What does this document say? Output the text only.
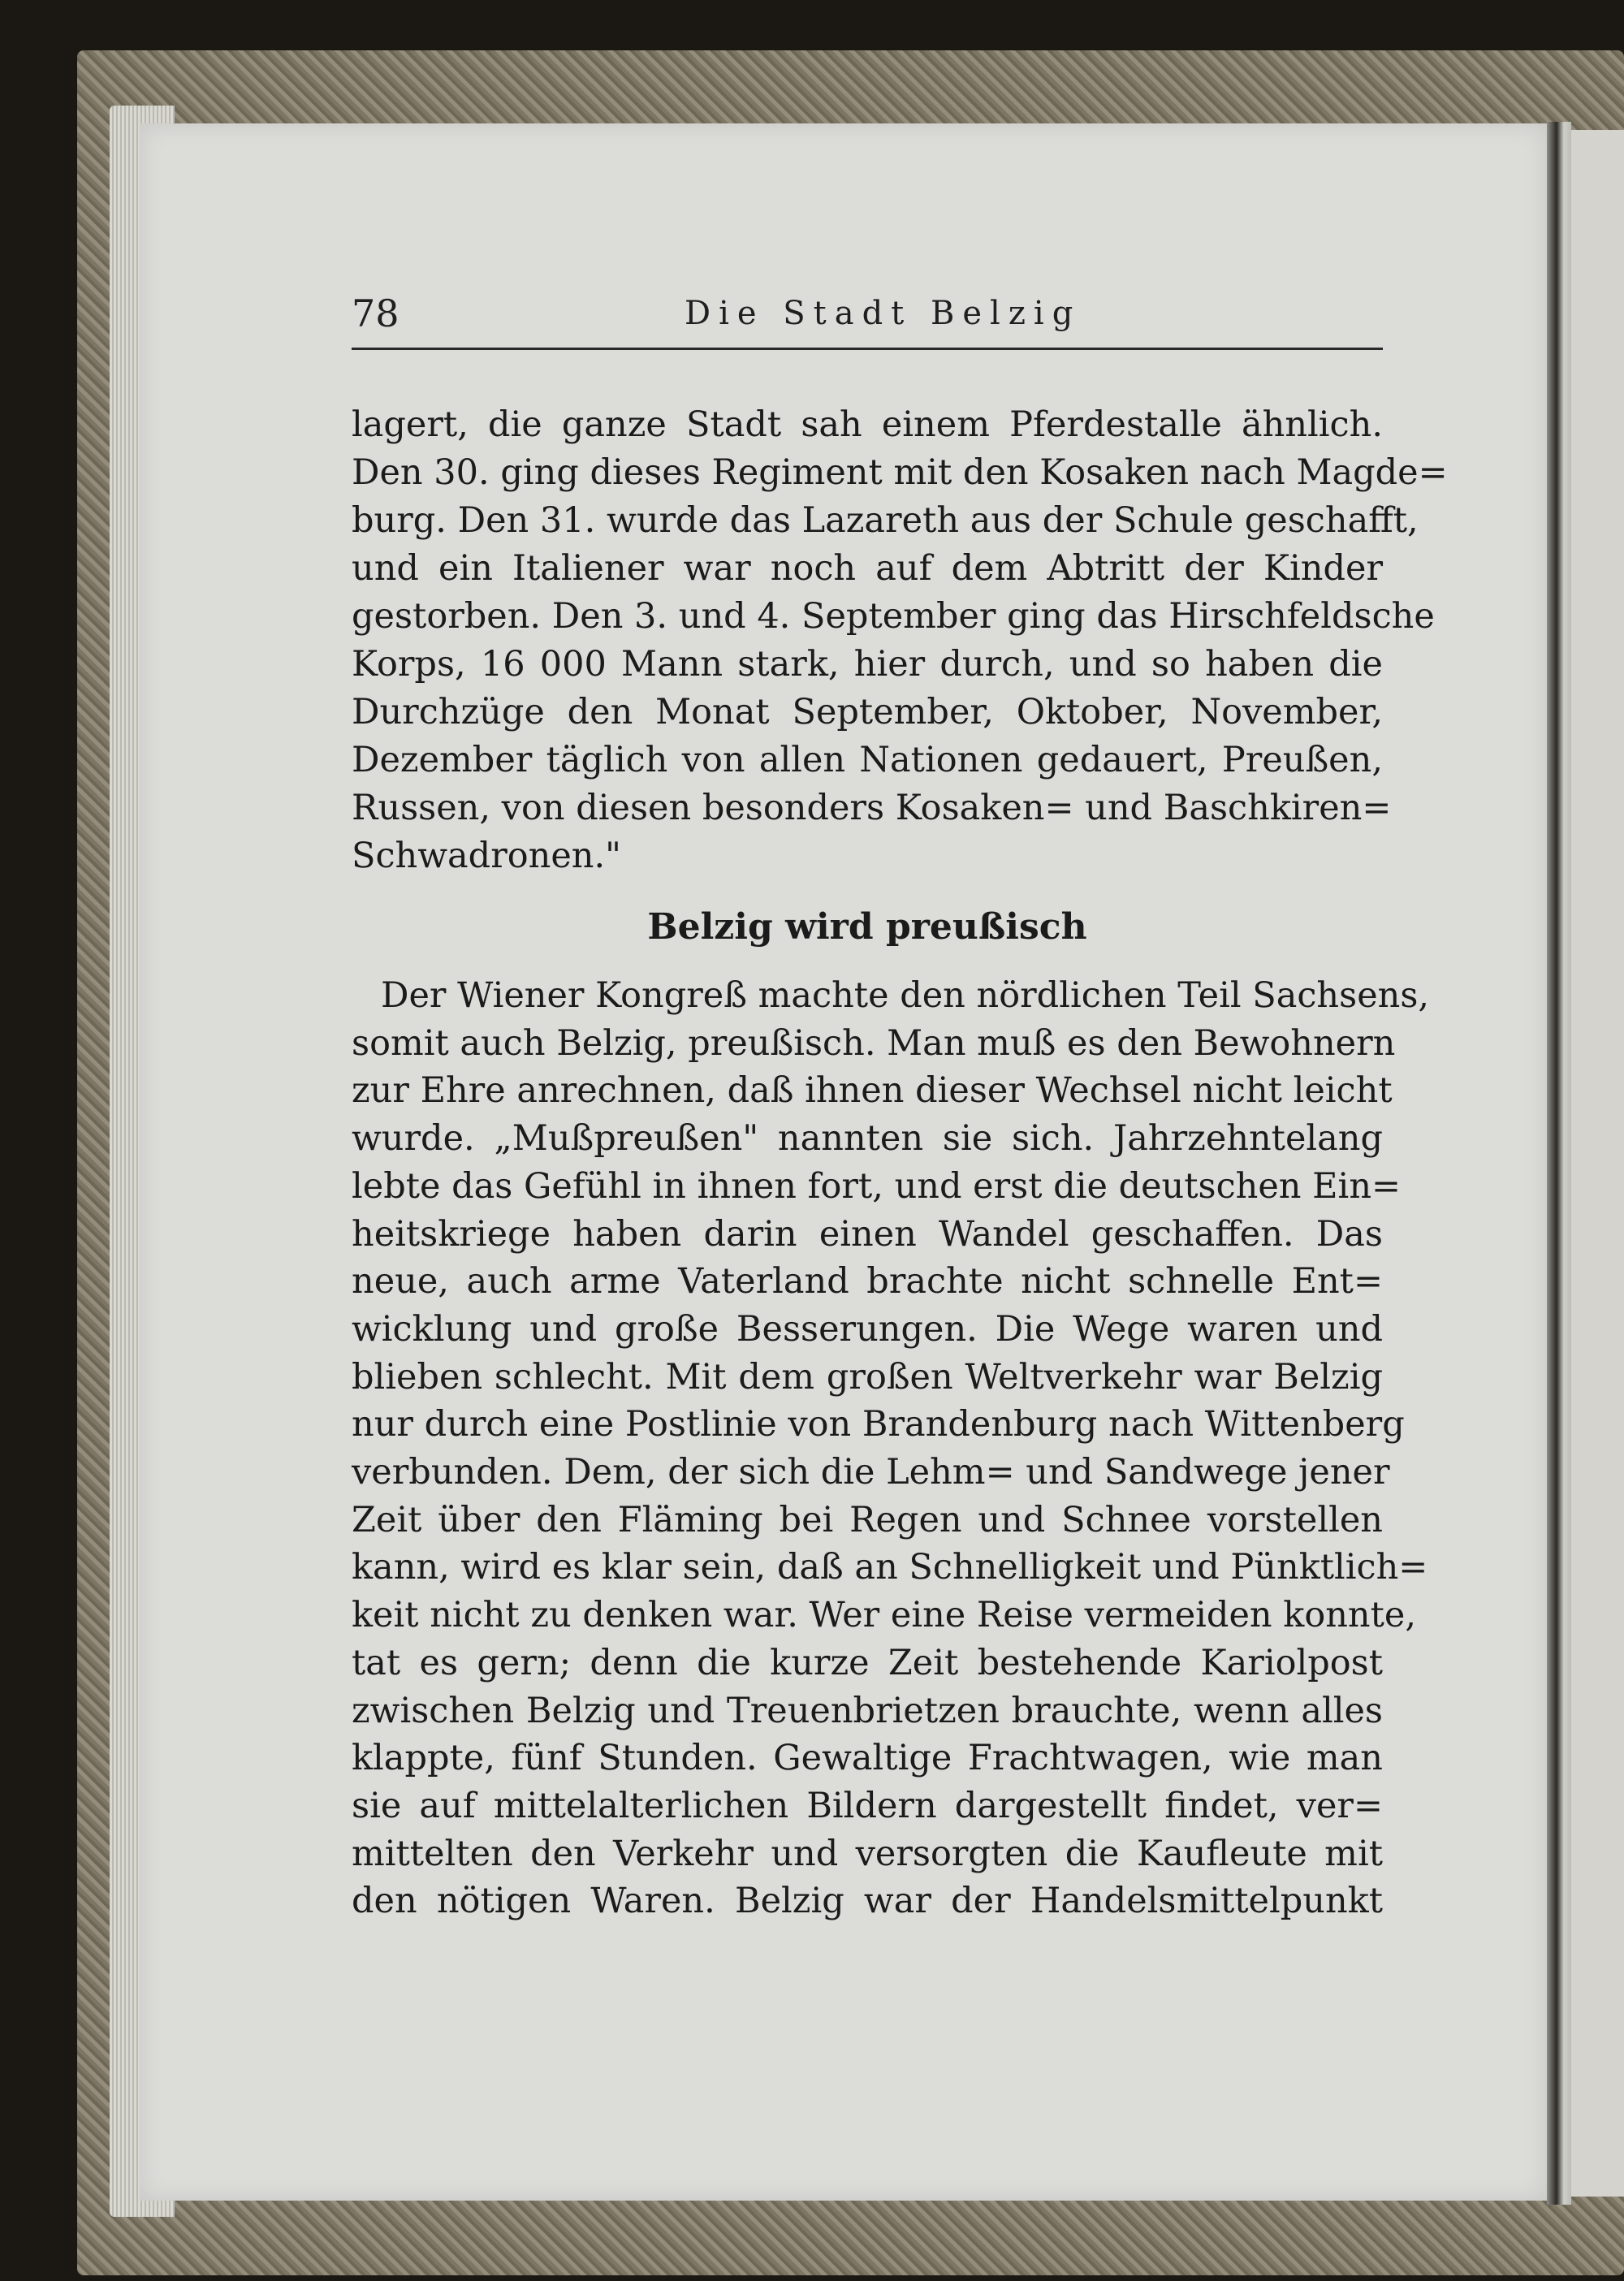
78	Die Stadt Belzig
lagert, die ganze Stadt sah einem Pferdestalle ähnlich.
Den 30. ging dieses Regiment mit den Kosaken nach Magde=
burg. Den 31. wurde das Lazareth aus der Schule geschafft,
und ein Italiener war noch auf dem Abtritt der Kinder
gestorben. Den 3. und 4. September ging das Hirschfeldsche
Korps, 16 000 Mann stark, hier durch, und so haben die
Durchzüge den Monat September, Oktober, November,
Dezember täglich von allen Nationen gedauert, Preußen,
Russen, von diesen besonders Kosaken= und Baschkiren=
Schwadronen."
Belzig wird preußisch
Der Wiener Kongreß machte den nördlichen Teil Sachsens,
somit auch Belzig, preußisch. Man muß es den Bewohnern
zur Ehre anrechnen, daß ihnen dieser Wechsel nicht leicht
wurde. „Mußpreußen" nannten sie sich. Jahrzehntelang
lebte das Gefühl in ihnen fort, und erst die deutschen Ein=
heitskriege haben darin einen Wandel geschaffen. Das
neue, auch arme Vaterland brachte nicht schnelle Ent=
wicklung und große Besserungen. Die Wege waren und
blieben schlecht. Mit dem großen Weltverkehr war Belzig
nur durch eine Postlinie von Brandenburg nach Wittenberg
verbunden. Dem, der sich die Lehm= und Sandwege jener
Zeit über den Fläming bei Regen und Schnee vorstellen
kann, wird es klar sein, daß an Schnelligkeit und Pünktlich=
keit nicht zu denken war. Wer eine Reise vermeiden konnte,
tat es gern; denn die kurze Zeit bestehende Kariolpost
zwischen Belzig und Treuenbrietzen brauchte, wenn alles
klappte, fünf Stunden. Gewaltige Frachtwagen, wie man
sie auf mittelalterlichen Bildern dargestellt findet, ver=
mittelten den Verkehr und versorgten die Kaufleute mit
den nötigen Waren. Belzig war der Handelsmittelpunkt
